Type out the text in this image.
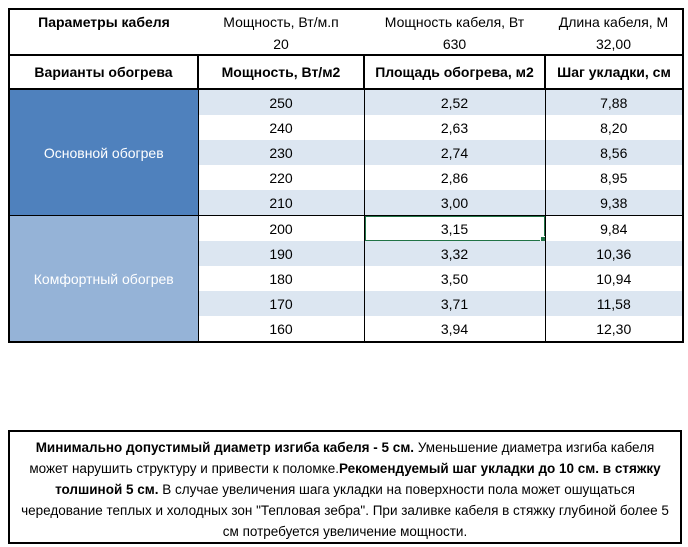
Параметры кабеля	Мощность, Вт/м.п	Мощность кабеля, Вт	Длина кабеля, М
	20	630	32,00
Варианты обогрева	Мощность, Вт/м2	Площадь обогрева, м2	Шаг укладки, см
Основной обогрев	250	2,52	7,88
	240	2,63	8,20
	230	2,74	8,56
	220	2,86	8,95
	210	3,00	9,38
Комфортный обогрев	200	3,15	9,84
	190	3,32	10,36
	180	3,50	10,94
	170	3,71	11,58
	160	3,94	12,30
Минимально допустимый диаметр изгиба кабеля - 5 см. Уменьшение диаметра изгиба кабеля может нарушить структуру и привести к поломке.Рекомендуемый шаг укладки до 10 см. в стяжку толшиной 5 см. В случае увеличения шага укладки на поверхности пола может ошущаться чередование теплых и холодных зон "Тепловая зебра". При заливке кабеля в стяжку глубиной более 5 см потребуется увеличение мощности.
